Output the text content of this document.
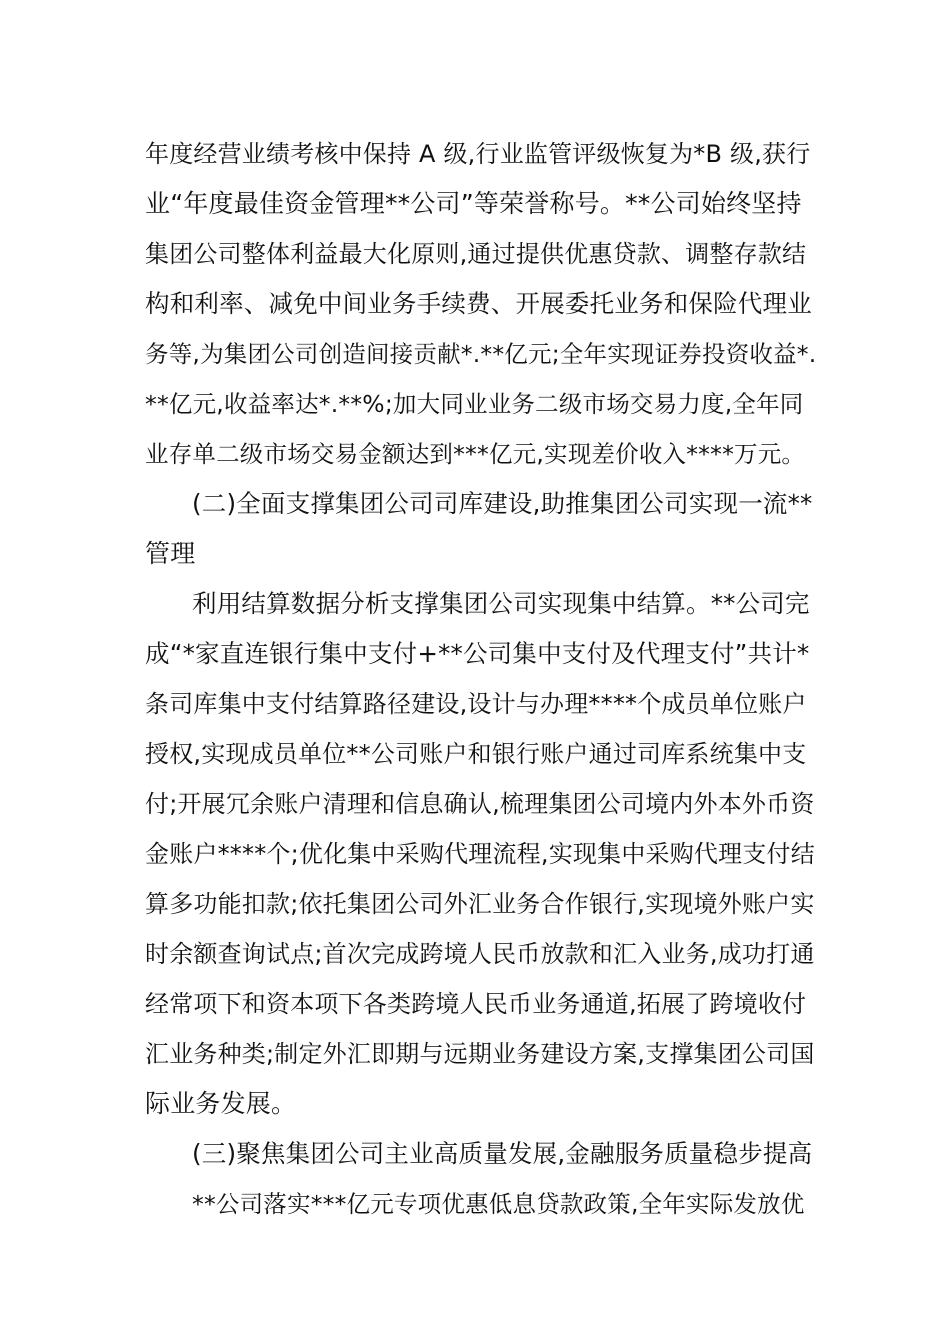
年度经营业绩考核中保持 A 级,行业监管评级恢复为*B 级,获行
业“年度最佳资金管理**公司”等荣誉称号。**公司始终坚持
集团公司整体利益最大化原则,通过提供优惠贷款、调整存款结
构和利率、减免中间业务手续费、开展委托业务和保险代理业
务等,为集团公司创造间接贡献*.**亿元;全年实现证券投资收益*.
**亿元,收益率达*.**%;加大同业业务二级市场交易力度,全年同
业存单二级市场交易金额达到***亿元,实现差价收入****万元。
(二)全面支撑集团公司司库建设,助推集团公司实现一流**
管理
利用结算数据分析支撑集团公司实现集中结算。**公司完
成“*家直连银行集中支付+**公司集中支付及代理支付”共计*
条司库集中支付结算路径建设,设计与办理****个成员单位账户
授权,实现成员单位**公司账户和银行账户通过司库系统集中支
付;开展冗余账户清理和信息确认,梳理集团公司境内外本外币资
金账户****个;优化集中采购代理流程,实现集中采购代理支付结
算多功能扣款;依托集团公司外汇业务合作银行,实现境外账户实
时余额查询试点;首次完成跨境人民币放款和汇入业务,成功打通
经常项下和资本项下各类跨境人民币业务通道,拓展了跨境收付
汇业务种类;制定外汇即期与远期业务建设方案,支撑集团公司国
际业务发展。
(三)聚焦集团公司主业高质量发展,金融服务质量稳步提高
**公司落实***亿元专项优惠低息贷款政策,全年实际发放优
